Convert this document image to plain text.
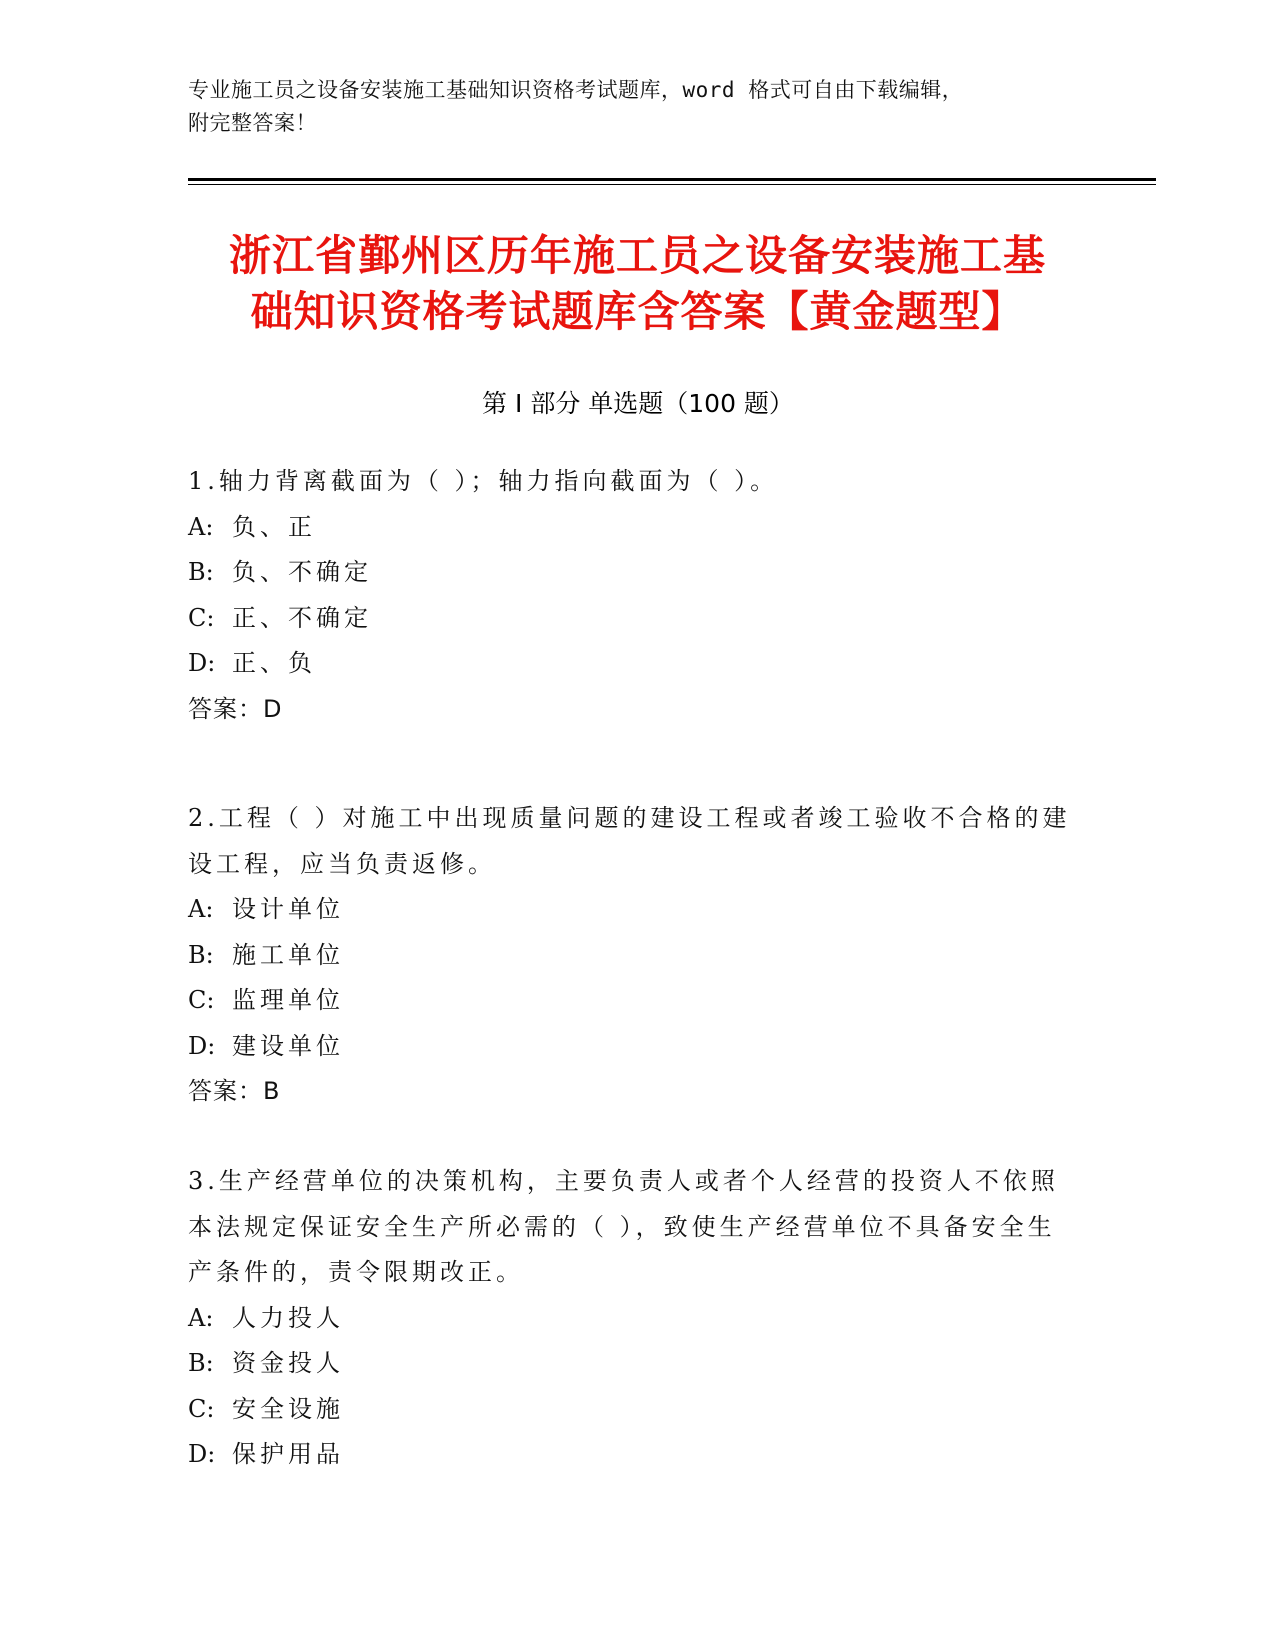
专业施工员之设备安装施工基础知识资格考试题库，word 格式可自由下载编辑，
附完整答案！
浙江省鄞州区历年施工员之设备安装施工基
础知识资格考试题库含答案【黄金题型】
第 I 部分 单选题（100 题）
1.轴力背离截面为（ ）；轴力指向截面为（ ）。
A: 负、正
B: 负、不确定
C: 正、不确定
D: 正、负
答案：D
2.工程（ ）对施工中出现质量问题的建设工程或者竣工验收不合格的建设工程，应当负责返修。
A: 设计单位
B: 施工单位
C: 监理单位
D: 建设单位
答案：B
3.生产经营单位的决策机构，主要负责人或者个人经营的投资人不依照本法规定保证安全生产所必需的（ ），致使生产经营单位不具备安全生产条件的，责令限期改正。
A: 人力投人
B: 资金投人
C: 安全设施
D: 保护用品
